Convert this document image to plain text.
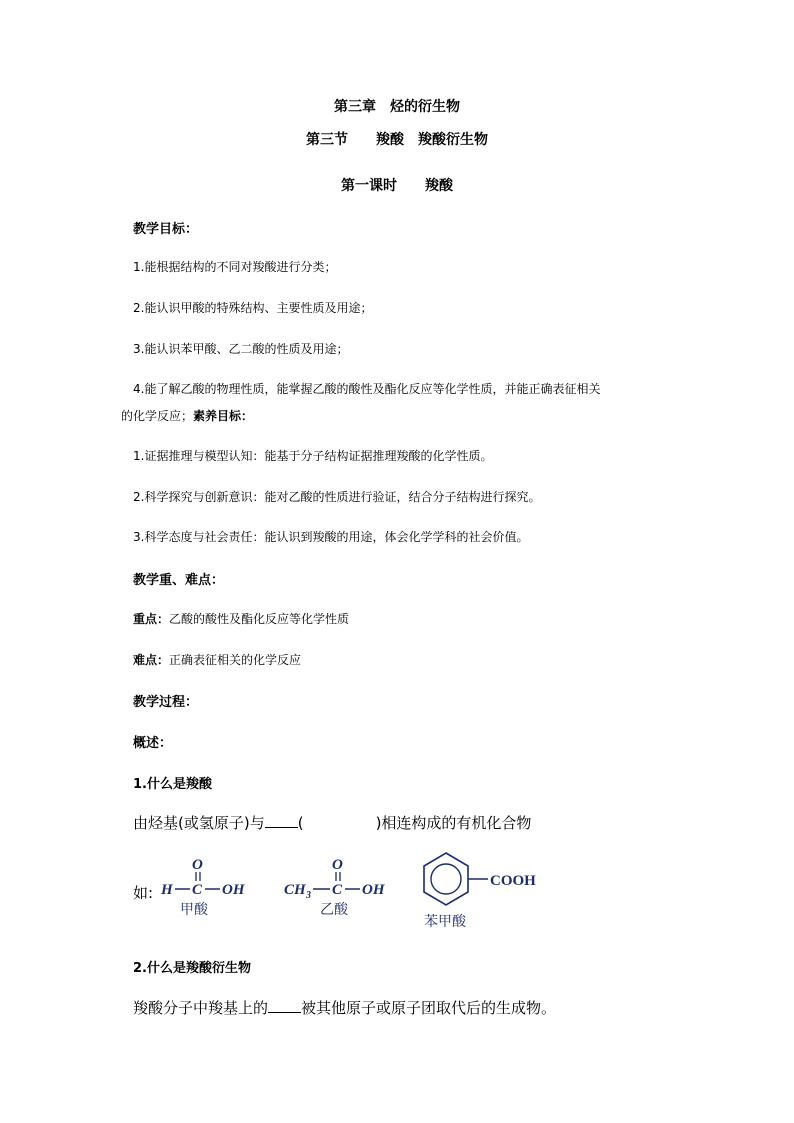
第三章　烃的衍生物
第三节　　羧酸　羧酸衍生物
第一课时　　羧酸
教学目标：
1.能根据结构的不同对羧酸进行分类；
2.能认识甲酸的特殊结构、主要性质及用途；
3.能认识苯甲酸、乙二酸的性质及用途；
4.能了解乙酸的物理性质，能掌握乙酸的酸性及酯化反应等化学性质，并能正确表征相关
的化学反应；素养目标：
1.证据推理与模型认知：能基于分子结构证据推理羧酸的化学性质。
2.科学探究与创新意识：能对乙酸的性质进行验证，结合分子结构进行探究。
3.科学态度与社会责任：能认识到羧酸的用途，体会化学学科的社会价值。
教学重、难点：
重点：乙酸的酸性及酯化反应等化学性质
难点：正确表征相关的化学反应
教学过程：
概述：
1.什么是羧酸
由烃基(或氢原子)与 (	)相连构成的有机化合物
如: H C
O
OH
甲酸
CH 3 C
O
OH
乙酸
COOH
苯甲酸
2.什么是羧酸衍生物
羧酸分子中羧基上的 被其他原子或原子团取代后的生成物。
